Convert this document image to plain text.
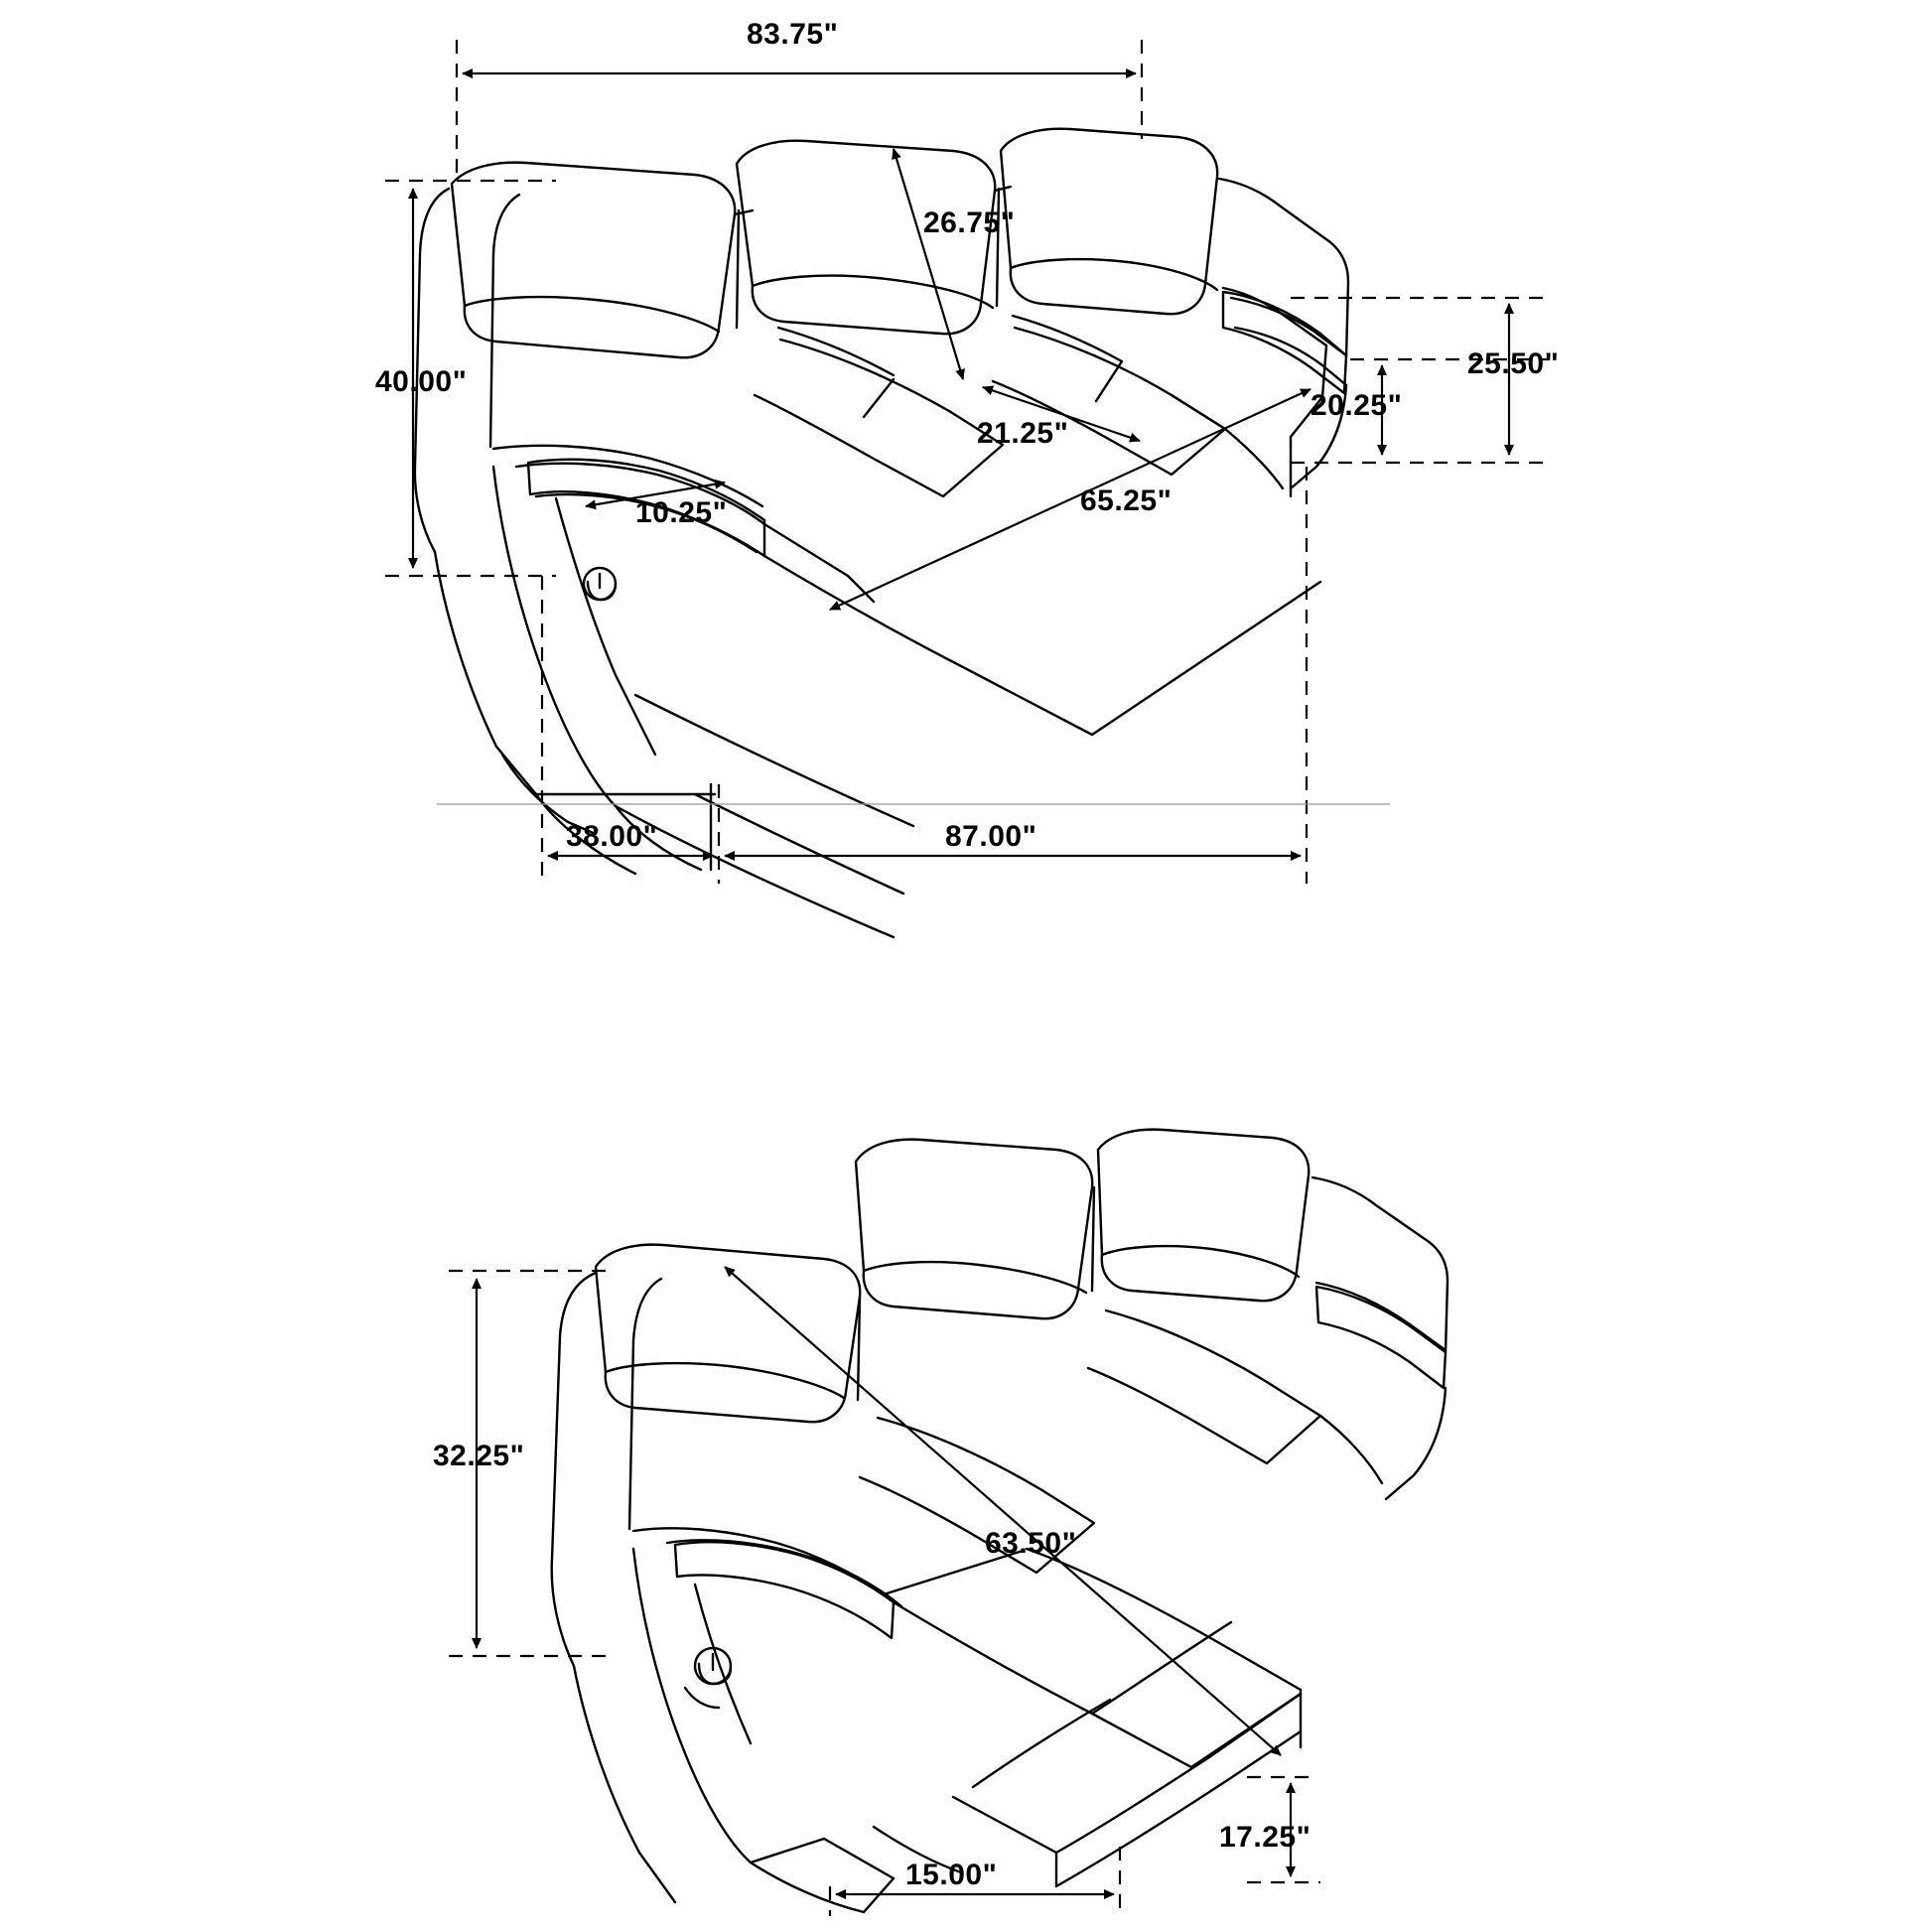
83.75"
40.00"
26.75"
21.25"
10.25"	65.25"
25.50"
20.25"
38.00"	87.00"
32.25"
63.50"
15.00"
17.25"
